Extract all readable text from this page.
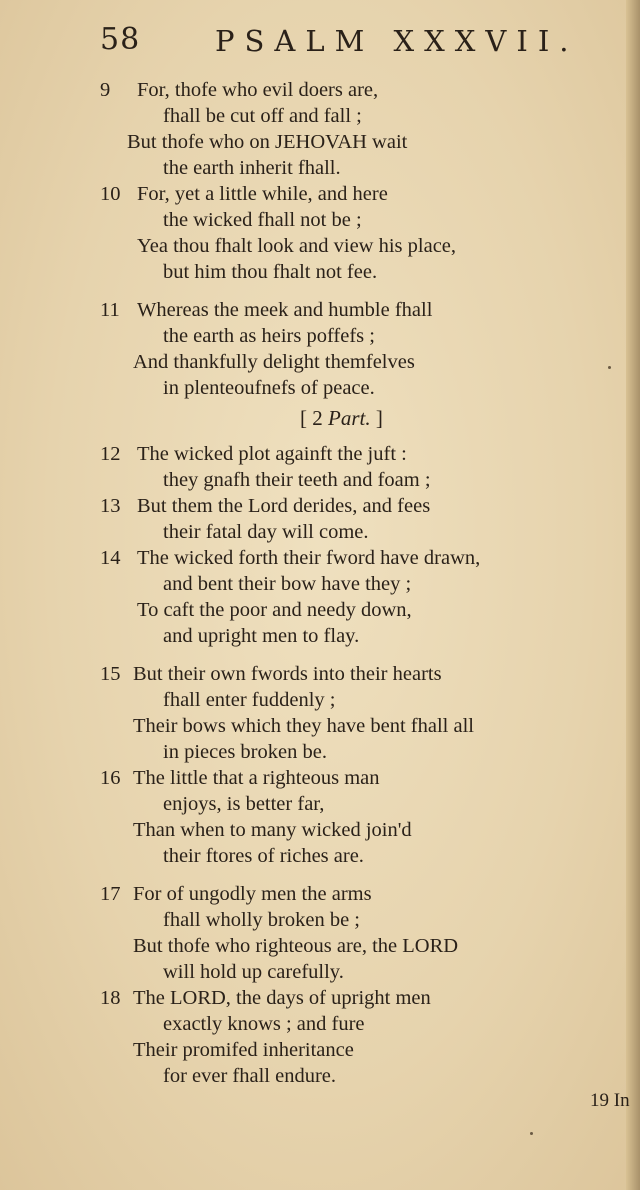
58	PSALM XXXVII.
9 For, thofe who evil doers are,
fhall be cut off and fall ;
But thofe who on JEHOVAH wait
the earth inherit fhall.
10 For, yet a little while, and here
the wicked fhall not be ;
Yea thou fhalt look and view his place,
but him thou fhalt not fee.
11 Whereas the meek and humble fhall
the earth as heirs poffefs ;
And thankfully delight themfelves
in plenteoufnefs of peace.
[ 2 Part. ]
12 The wicked plot againft the juft :
they gnafh their teeth and foam ;
13 But them the Lord derides, and fees
their fatal day will come.
14 The wicked forth their fword have drawn,
and bent their bow have they ;
To caft the poor and needy down,
and upright men to flay.
15 But their own fwords into their hearts
fhall enter fuddenly ;
Their bows which they have bent fhall all
in pieces broken be.
16 The little that a righteous man
enjoys, is better far,
Than when to many wicked join'd
their ftores of riches are.
17 For of ungodly men the arms
fhall wholly broken be ;
But thofe who righteous are, the LORD
will hold up carefully.
18 The LORD, the days of upright men
exactly knows ; and fure
Their promifed inheritance
for ever fhall endure.
19 In
